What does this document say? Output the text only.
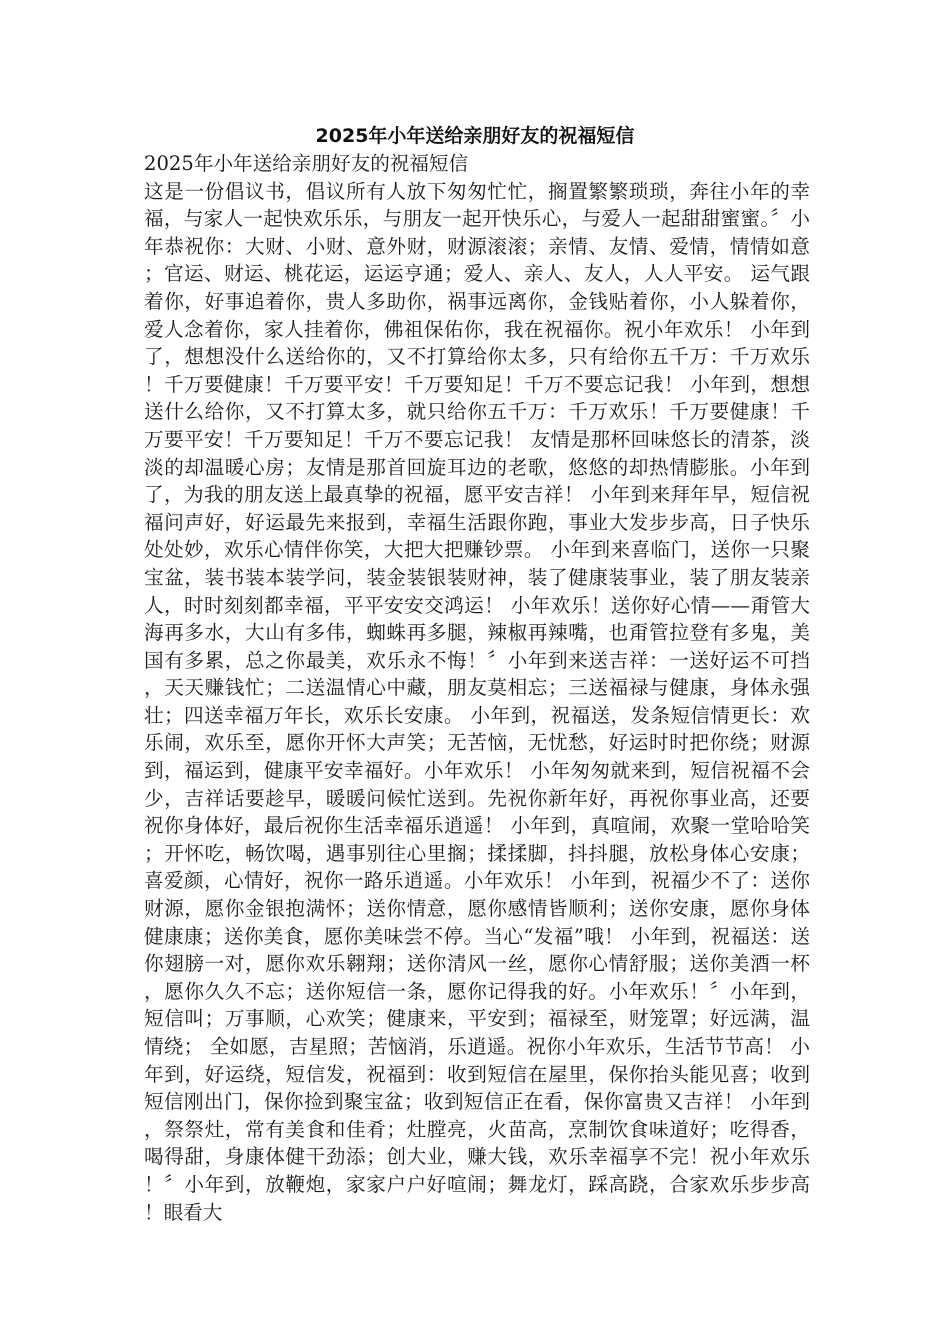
2025年小年送给亲朋好友的祝福短信

2025年小年送给亲朋好友的祝福短信

这是一份倡议书，倡议所有人放下匆匆忙忙，搁置繁繁琐琐，奔往小年的幸福，与家人一起快欢乐乐，与朋友一起开快乐心，与爱人一起甜甜蜜蜜。〞小年恭祝你：大财、小财、意外财，财源滚滚；亲情、友情、爱情，情情如意；官运、财运、桃花运，运运亨通；爱人、亲人、友人，人人平安。 运气跟着你，好事追着你，贵人多助你，祸事远离你，金钱贴着你，小人躲着你，爱人念着你，家人挂着你，佛祖保佑你，我在祝福你。祝小年欢乐！ 小年到了，想想没什么送给你的，又不打算给你太多，只有给你五千万：千万欢乐！千万要健康！千万要平安！千万要知足！千万不要忘记我！ 小年到，想想送什么给你，又不打算太多，就只给你五千万：千万欢乐！千万要健康！千万要平安！千万要知足！千万不要忘记我！ 友情是那杯回味悠长的清茶，淡淡的却温暖心房；友情是那首回旋耳边的老歌，悠悠的却热情膨胀。小年到了，为我的朋友送上最真挚的祝福，愿平安吉祥！ 小年到来拜年早，短信祝福问声好，好运最先来报到，幸福生活跟你跑，事业大发步步高，日子快乐处处妙，欢乐心情伴你笑，大把大把赚钞票。 小年到来喜临门，送你一只聚宝盆，装书装本装学问，装金装银装财神，装了健康装事业，装了朋友装亲人，时时刻刻都幸福，平平安安交鸿运！ 小年欢乐！送你好心情——甭管大海再多水，大山有多伟，蜘蛛再多腿，辣椒再辣嘴，也甭管拉登有多鬼，美国有多累，总之你最美，欢乐永不悔！〞小年到来送吉祥：一送好运不可挡，天天赚钱忙；二送温情心中藏，朋友莫相忘；三送福禄与健康，身体永强壮；四送幸福万年长，欢乐长安康。 小年到，祝福送，发条短信情更长：欢乐闹，欢乐至，愿你开怀大声笑；无苦恼，无忧愁，好运时时把你绕；财源到，福运到，健康平安幸福好。小年欢乐！ 小年匆匆就来到，短信祝福不会少，吉祥话要趁早，暖暖问候忙送到。先祝你新年好，再祝你事业高，还要祝你身体好，最后祝你生活幸福乐逍遥！ 小年到，真喧闹，欢聚一堂哈哈笑；开怀吃，畅饮喝，遇事别往心里搁；揉揉脚，抖抖腿，放松身体心安康；喜爱颜，心情好，祝你一路乐逍遥。小年欢乐！ 小年到，祝福少不了：送你财源，愿你金银抱满怀；送你情意，愿你感情皆顺利；送你安康，愿你身体健康康；送你美食，愿你美味尝不停。当心“发福”哦！ 小年到，祝福送：送你翅膀一对，愿你欢乐翱翔；送你清风一丝，愿你心情舒服；送你美酒一杯，愿你久久不忘；送你短信一条，愿你记得我的好。小年欢乐！〞小年到，短信叫；万事顺，心欢笑；健康来，平安到；福禄至，财笼罩；好远满，温情绕； 全如愿，吉星照；苦恼消，乐逍遥。祝你小年欢乐，生活节节高！ 小年到，好运绕，短信发，祝福到：收到短信在屋里，保你抬头能见喜；收到短信刚出门，保你捡到聚宝盆；收到短信正在看，保你富贵又吉祥！ 小年到，祭祭灶，常有美食和佳肴；灶膛亮，火苗高，烹制饮食味道好；吃得香，喝得甜，身康体健干劲添；创大业，赚大钱，欢乐幸福享不完！祝小年欢乐！〞小年到，放鞭炮，家家户户好喧闹；舞龙灯，踩高跷，合家欢乐步步高！眼看大
